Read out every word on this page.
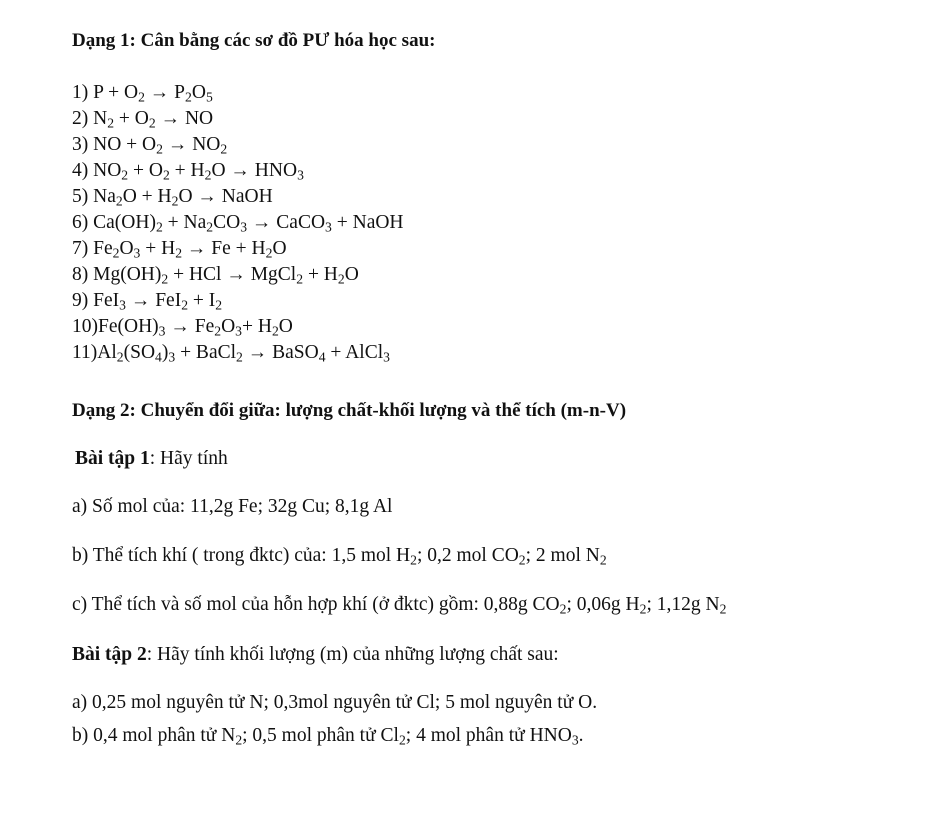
Dạng 1: Cân bằng các sơ đồ PƯ hóa học sau:
1) $P + O_2 \to P_2O_5$
2) $N_2 + O_2$ → NO
3) NO + $O_2 \to NO_2$
4) $NO_2 + O_2 + H_2O \to HNO_3$
5) $Na_2O + H_2O$ → NaOH
6) $Ca(OH)_2 + Na_2CO_3$ → CaCO$_3$ + NaOH
7) $Fe_2O_3 + H_2 \to Fe + H_2O$
8) $Mg(OH)_2$ + HCl → MgCl$_2$ + $H_2O$
9) $FeI_3 \to FeI_2 + I_2$
$10)Fe(OH)_3 \to Fe_2O_3+ H_2O$
$11)Al_2(SO_4)_3$ + BaCl$_2$ → BaSO$_4$ + AlCl$_3$
Dạng 2: Chuyển đổi giữa: lượng chất-khối lượng và thể tích (m-n-V)
Bài tập 1: Hãy tính
a) Số mol của: 11,2g Fe; 32g Cu; 8,1g Al
b) Thể tích khí ( trong đktc) của: 1,5 mol $H_2$; 0,2 mol $CO_2$; 2 mol $N_2$
c) Thể tích và số mol của hỗn hợp khí (ở đktc) gồm: 0,88g $CO_2$; 0,06g $H_2$; 1,12g $N_2$
Bài tập 2: Hãy tính khối lượng (m) của những lượng chất sau:
a) 0,25 mol nguyên tử N; 0,3mol nguyên tử Cl; 5 mol nguyên tử O.
b) 0,4 mol phân tử $N_2$; 0,5 mol phân tử $Cl_2$; 4 mol phân tử $HNO_3$.
